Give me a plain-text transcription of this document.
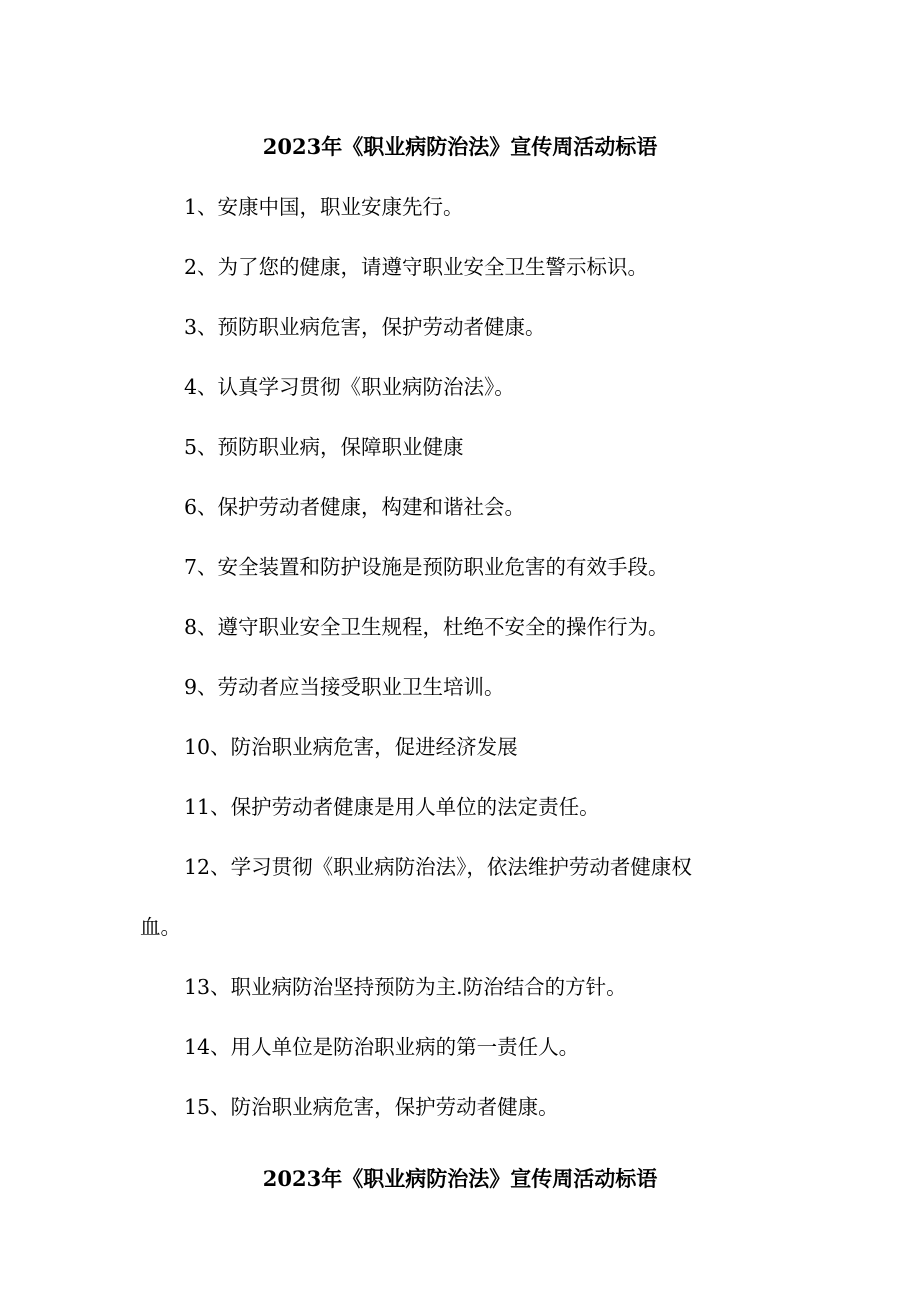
2023年《职业病防治法》宣传周活动标语
1、安康中国，职业安康先行。
2、为了您的健康，请遵守职业安全卫生警示标识。
3、预防职业病危害，保护劳动者健康。
4、认真学习贯彻《职业病防治法》。
5、预防职业病，保障职业健康
6、保护劳动者健康，构建和谐社会。
7、安全装置和防护设施是预防职业危害的有效手段。
8、遵守职业安全卫生规程，杜绝不安全的操作行为。
9、劳动者应当接受职业卫生培训。
10、防治职业病危害，促进经济发展
11、保护劳动者健康是用人单位的法定责任。
12、学习贯彻《职业病防治法》，依法维护劳动者健康权
血。
13、职业病防治坚持预防为主.防治结合的方针。
14、用人单位是防治职业病的第一责任人。
15、防治职业病危害，保护劳动者健康。
2023年《职业病防治法》宣传周活动标语
